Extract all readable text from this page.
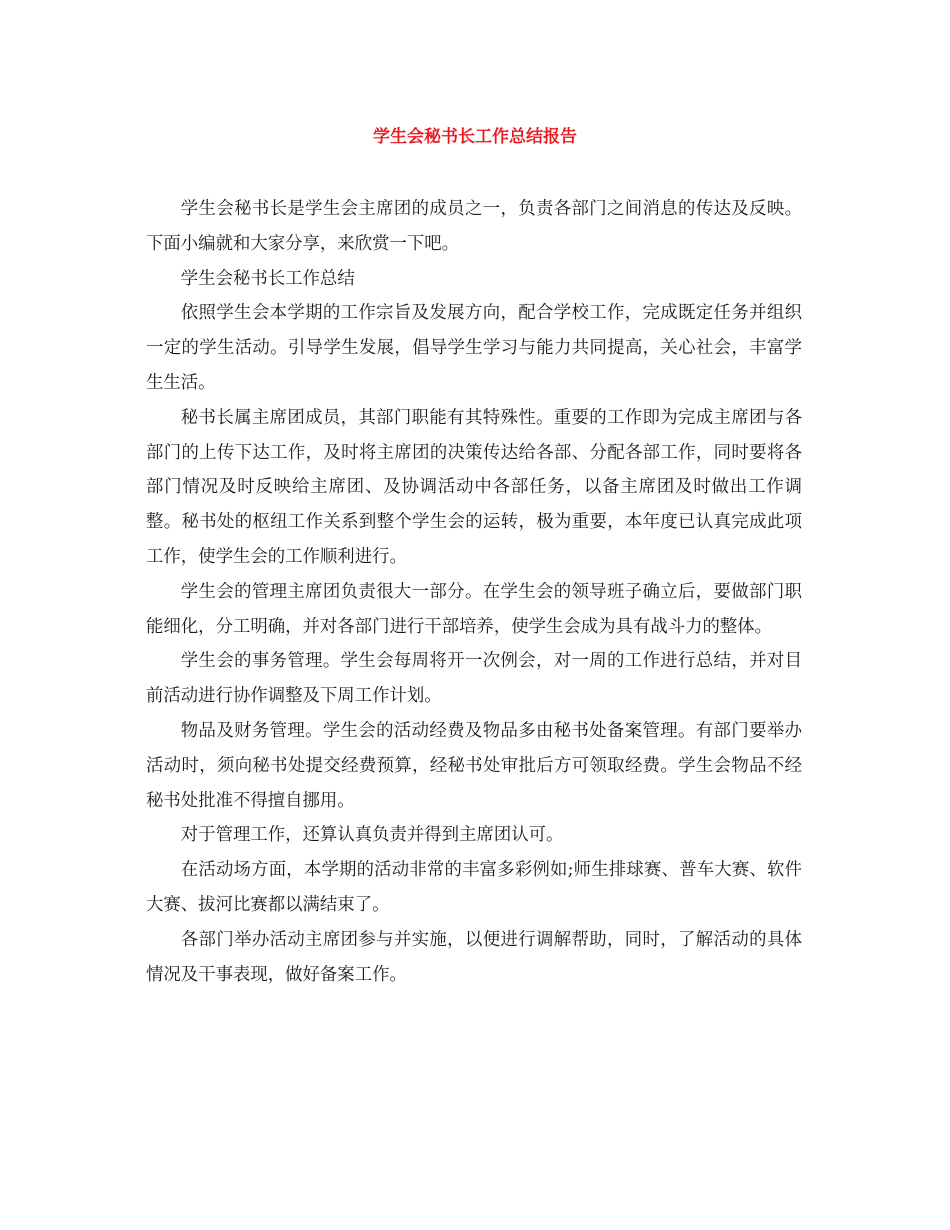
学生会秘书长工作总结报告

学生会秘书长是学生会主席团的成员之一，负责各部门之间消息的传达及反映。下面小编就和大家分享，来欣赏一下吧。

学生会秘书长工作总结

依照学生会本学期的工作宗旨及发展方向，配合学校工作，完成既定任务并组织一定的学生活动。引导学生发展，倡导学生学习与能力共同提高，关心社会，丰富学生生活。

秘书长属主席团成员，其部门职能有其特殊性。重要的工作即为完成主席团与各部门的上传下达工作，及时将主席团的决策传达给各部、分配各部工作，同时要将各部门情况及时反映给主席团、及协调活动中各部任务，以备主席团及时做出工作调整。秘书处的枢纽工作关系到整个学生会的运转，极为重要，本年度已认真完成此项工作，使学生会的工作顺利进行。

学生会的管理主席团负责很大一部分。在学生会的领导班子确立后，要做部门职能细化，分工明确，并对各部门进行干部培养，使学生会成为具有战斗力的整体。

学生会的事务管理。学生会每周将开一次例会，对一周的工作进行总结，并对目前活动进行协作调整及下周工作计划。

物品及财务管理。学生会的活动经费及物品多由秘书处备案管理。有部门要举办活动时，须向秘书处提交经费预算，经秘书处审批后方可领取经费。学生会物品不经秘书处批准不得擅自挪用。

对于管理工作，还算认真负责并得到主席团认可。

在活动场方面，本学期的活动非常的丰富多彩例如;师生排球赛、普车大赛、软件大赛、拔河比赛都以满结束了。

各部门举办活动主席团参与并实施，以便进行调解帮助，同时，了解活动的具体情况及干事表现，做好备案工作。
